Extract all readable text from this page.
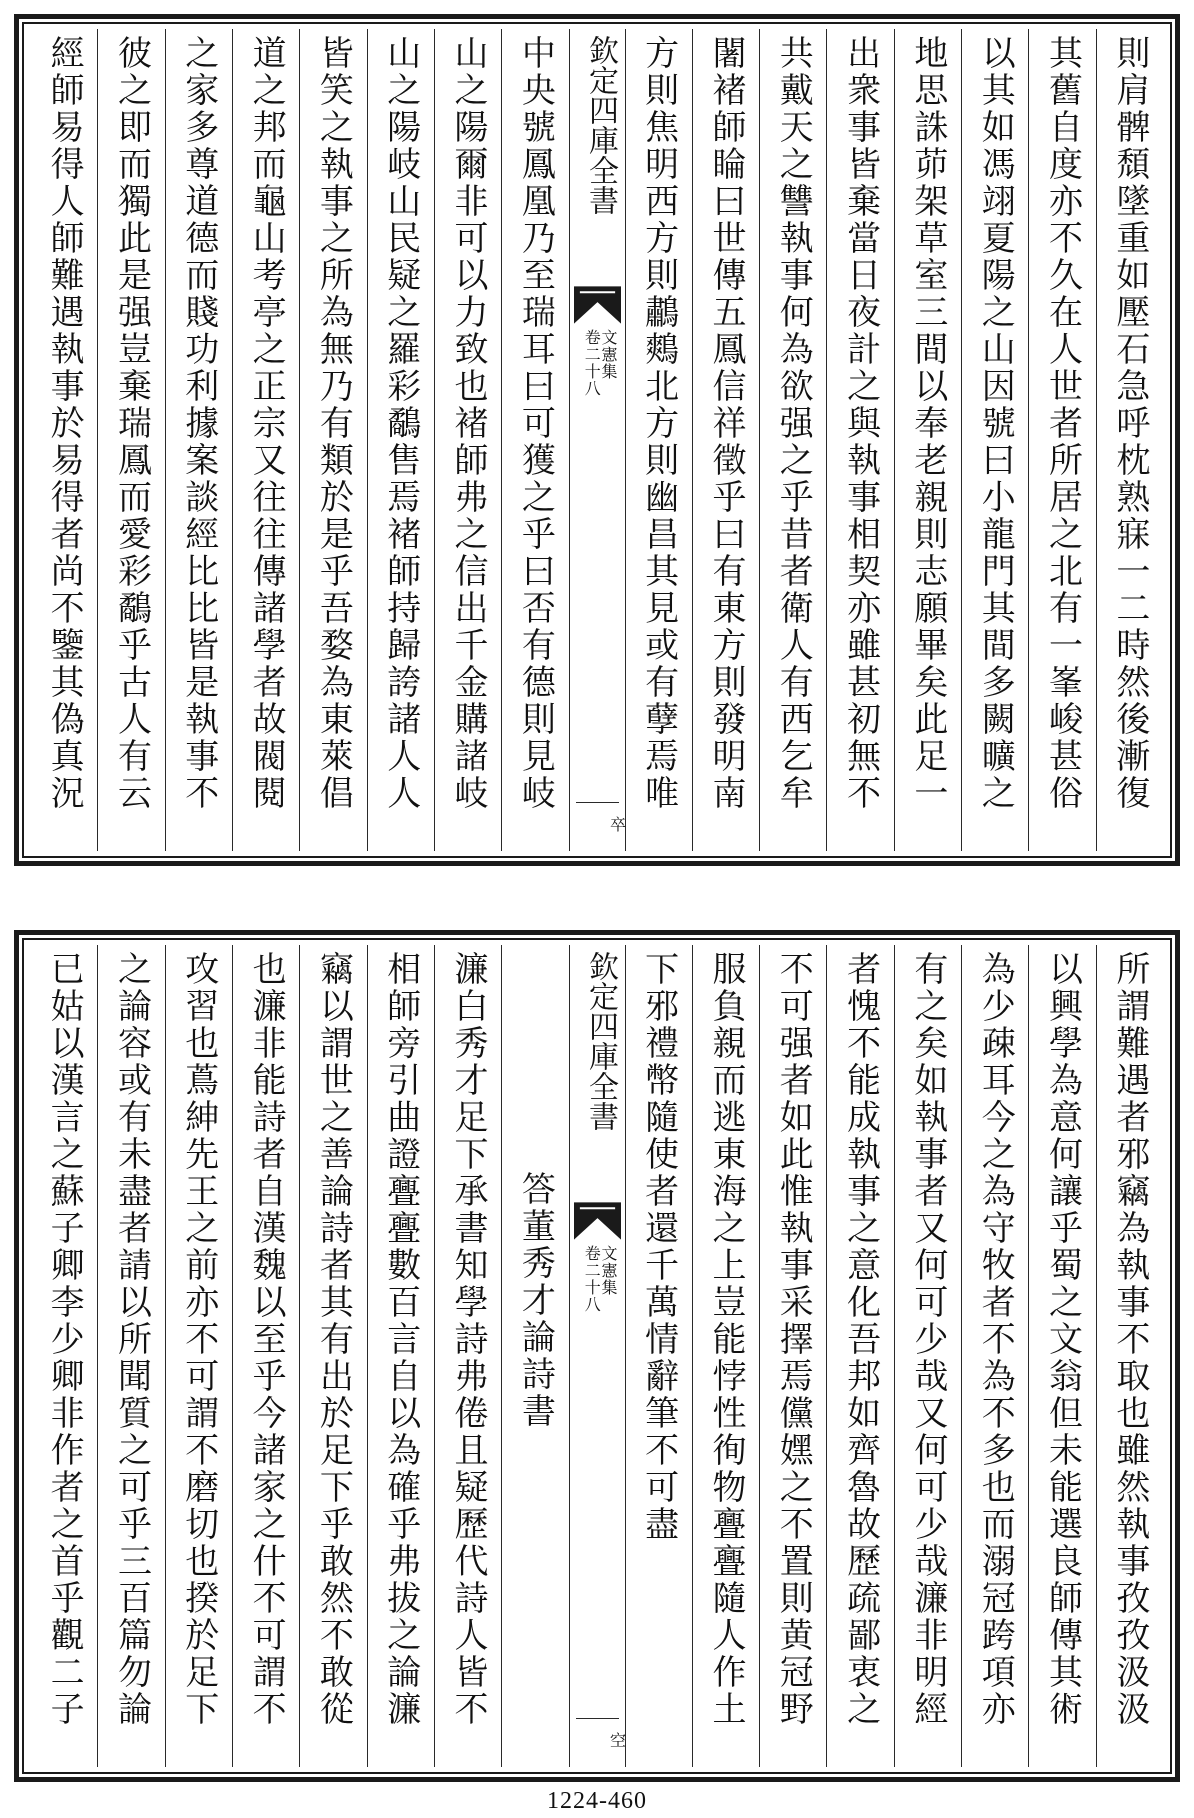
則肩髀頹墜重如壓石急呼枕熟寐一二時然後漸復
其舊自度亦不久在人世者所居之北有一峯峻甚俗
以其如馮翊夏陽之山因號曰小龍門其間多闕曠之
地思誅茆架草室三間以奉老親則志願畢矣此足一
出衆事皆棄當日夜計之與執事相契亦雖甚初無不
共戴天之讐執事何為欲强之乎昔者衛人有西乞牟
闍褚師睔曰世傳五鳳信祥徵乎曰有東方則發明南
方則焦明西方則鷫鷞北方則幽昌其見或有孽焉唯
欽定四庫全書
文憲集
卷二十八
卒
中央號鳳凰乃至瑞耳曰可獲之乎曰否有德則見岐
山之陽爾非可以力致也褚師弗之信出千金購諸岐
山之陽岐山民疑之羅彩鷸售焉褚師持歸誇諸人人
皆笑之執事之所為無乃有類於是乎吾婺為東萊倡
道之邦而龜山考亭之正宗又往往傳諸學者故閥閱
之家多尊道德而賤功利據案談經比比皆是執事不
彼之即而獨此是强豈棄瑞鳳而愛彩鷸乎古人有云
經師易得人師難遇執事於易得者尚不鑒其偽真況
所謂難遇者邪竊為執事不取也雖然執事孜孜汲汲
以興學為意何讓乎蜀之文翁但未能選良師傳其術
為少疎耳今之為守牧者不為不多也而溺冠跨項亦
有之矣如執事者又何可少哉又何可少哉濂非明經
者愧不能成執事之意化吾邦如齊魯故歷疏鄙衷之
不可强者如此惟執事采擇焉儻嫼之不置則黄冠野
服負親而逃東海之上豈能悖性徇物亹亹隨人作土
下邪禮幣隨使者還千萬情辭筆不可盡
欽定四庫全書
文憲集
卷二十八
空
答董秀才論詩書
濂白秀才足下承書知學詩弗倦且疑歷代詩人皆不
相師旁引曲證亹亹數百言自以為確乎弗拔之論濂
竊以謂世之善論詩者其有出於足下乎敢然不敢從
也濂非能詩者自漢魏以至乎今諸家之什不可謂不
攻習也蔦紳先王之前亦不可謂不磨切也揆於足下
之論容或有未盡者請以所聞質之可乎三百篇勿論
已姑以漢言之蘇子卿李少卿非作者之首乎觀二子
1224-460
